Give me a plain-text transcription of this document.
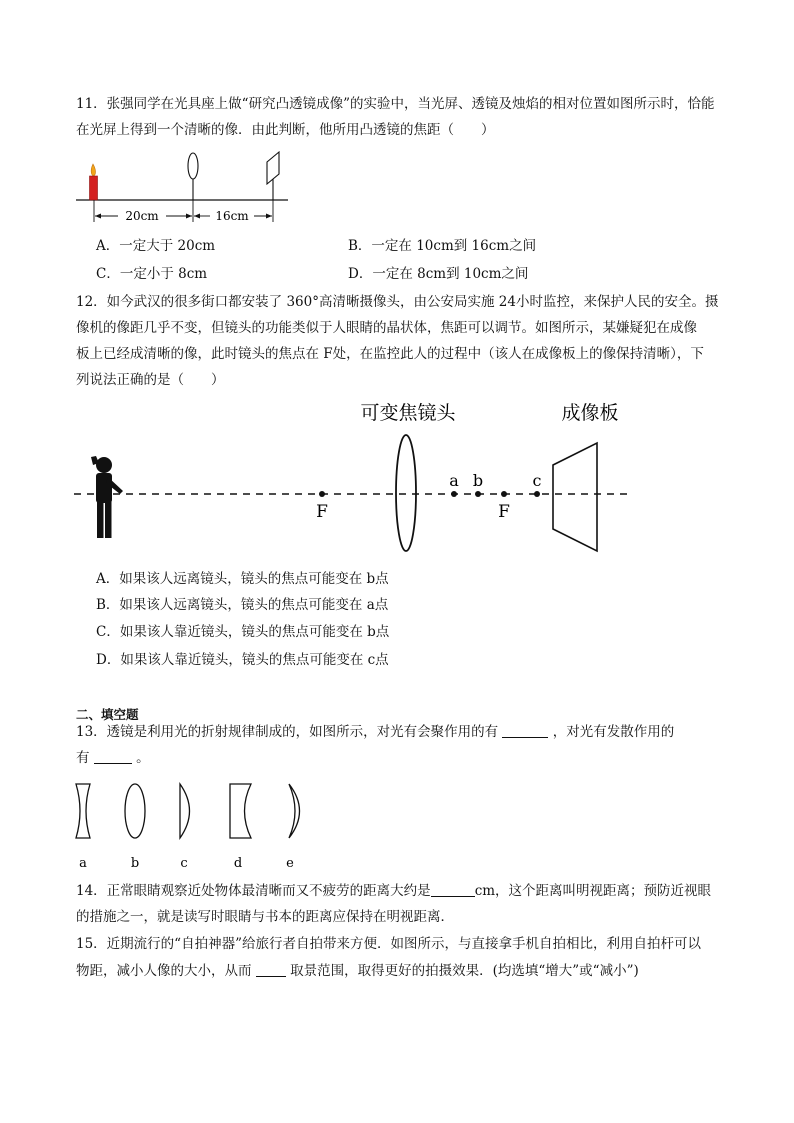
11．张强同学在光具座上做“研究凸透镜成像”的实验中，当光屏、透镜及烛焰的相对位置如图所示时，恰能
在光屏上得到一个清晰的像．由此判断，他所用凸透镜的焦距（　　）
20cm	16cm
A．一定大于 20cm	B．一定在 10cm到 16cm之间
C．一定小于 8cm	D．一定在 8cm到 10cm之间
12．如今武汉的很多街口都安装了 360°高清晰摄像头，由公安局实施 24小时监控，来保护人民的安全。摄
像机的像距几乎不变，但镜头的功能类似于人眼睛的晶状体，焦距可以调节。如图所示，某嫌疑犯在成像
板上已经成清晰的像，此时镜头的焦点在 F处，在监控此人的过程中（该人在成像板上的像保持清晰），下
列说法正确的是（　　）
可变焦镜头	成像板
F
a b
F
c
A．如果该人远离镜头，镜头的焦点可能变在 b点
B．如果该人远离镜头，镜头的焦点可能变在 a点
C．如果该人靠近镜头，镜头的焦点可能变在 b点
D．如果该人靠近镜头，镜头的焦点可能变在 c点
二、填空题
13．透镜是利用光的折射规律制成的，如图所示，对光有会聚作用的有	，对光有发散作用的
有	。
a	b	c	d	e
14．正常眼睛观察近处物体最清晰而又不疲劳的距离大约是	cm，这个距离叫明视距离；预防近视眼
的措施之一，就是读写时眼睛与书本的距离应保持在明视距离．
15．近期流行的“自拍神器”给旅行者自拍带来方便．如图所示，与直接拿手机自拍相比，利用自拍杆可以
物距，减小人像的大小，从而	取景范围，取得更好的拍摄效果．(均选填“增大”或“减小”)
